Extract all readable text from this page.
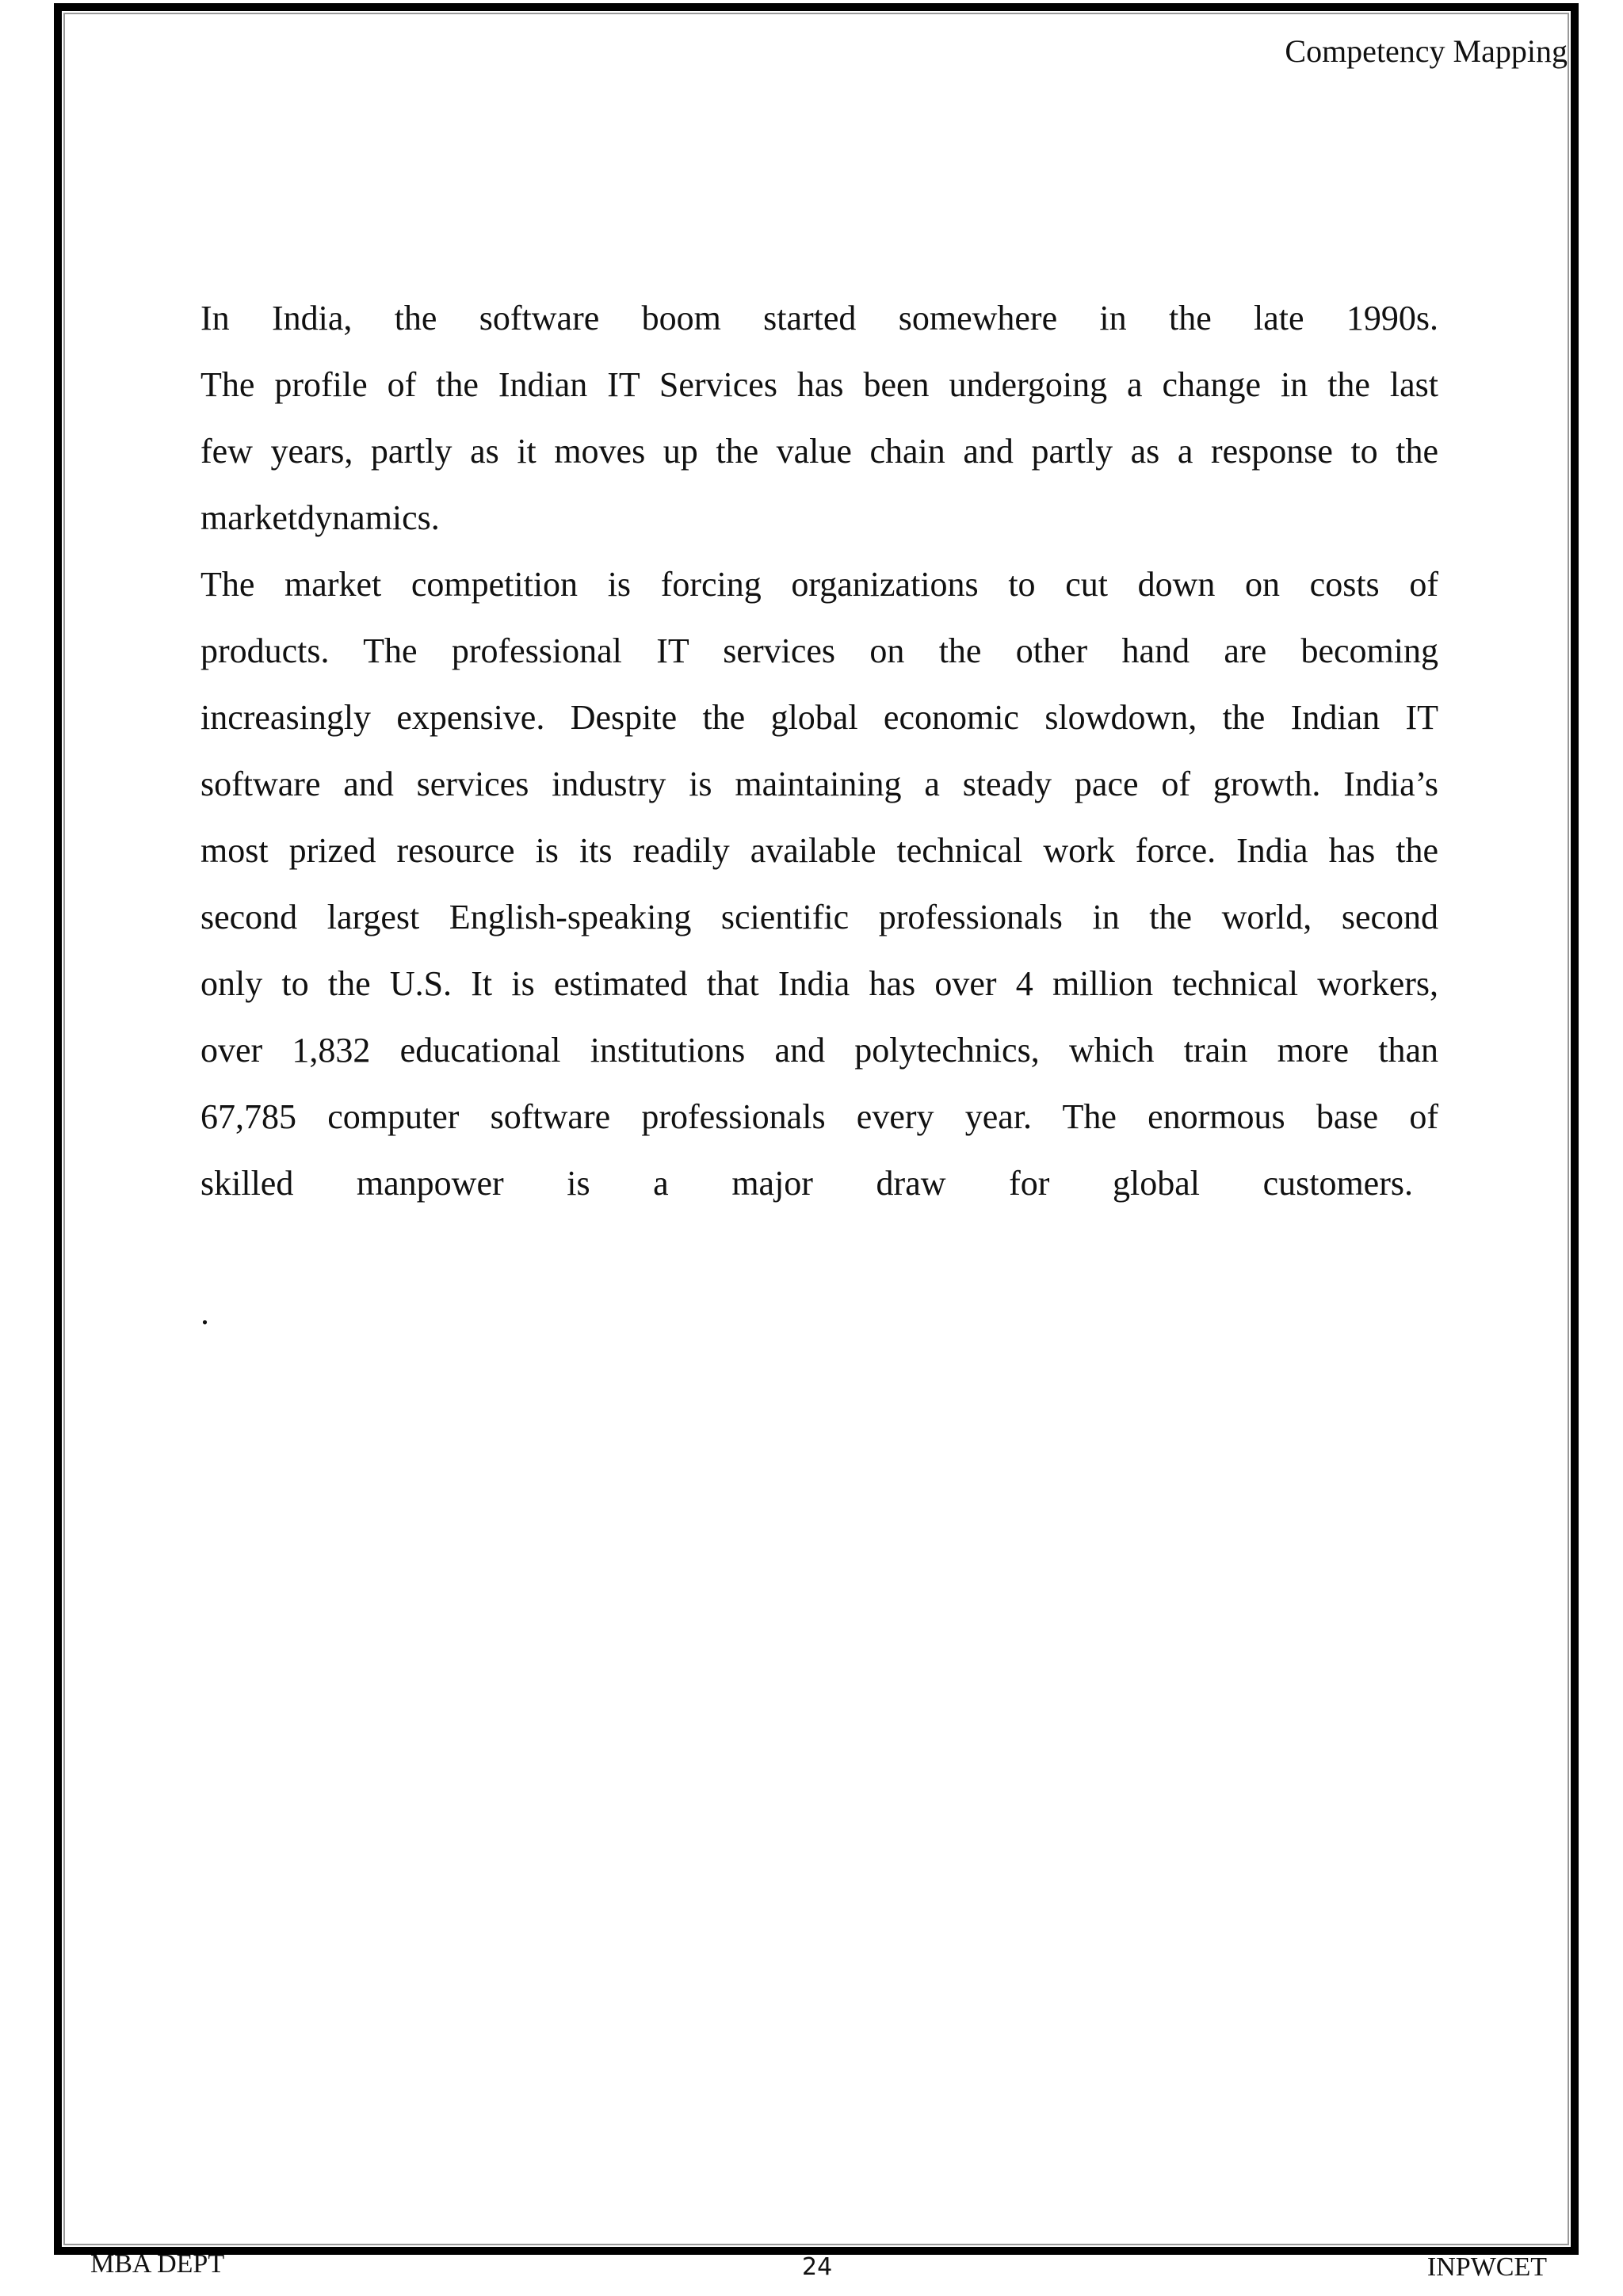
Competency Mapping
In India, the software boom started somewhere in the late 1990s.
The profile of the Indian IT Services has been undergoing a change in the last
few years, partly as it moves up the value chain and partly as a response to the
marketdynamics.
The market competition is forcing organizations to cut down on costs of
products. The professional IT services on the other hand are becoming
increasingly expensive. Despite the global economic slowdown, the Indian IT
software and services industry is maintaining a steady pace of growth. India’s
most prized resource is its readily available technical work force. India has the
second largest English-speaking scientific professionals in the world, second
only to the U.S. It is estimated that India has over 4 million technical workers,
over 1,832 educational institutions and polytechnics, which train more than
67,785 computer software professionals every year. The enormous base of
skilled manpower is a major draw for global customers.
.
MBA DEPT	24	INPWCET
